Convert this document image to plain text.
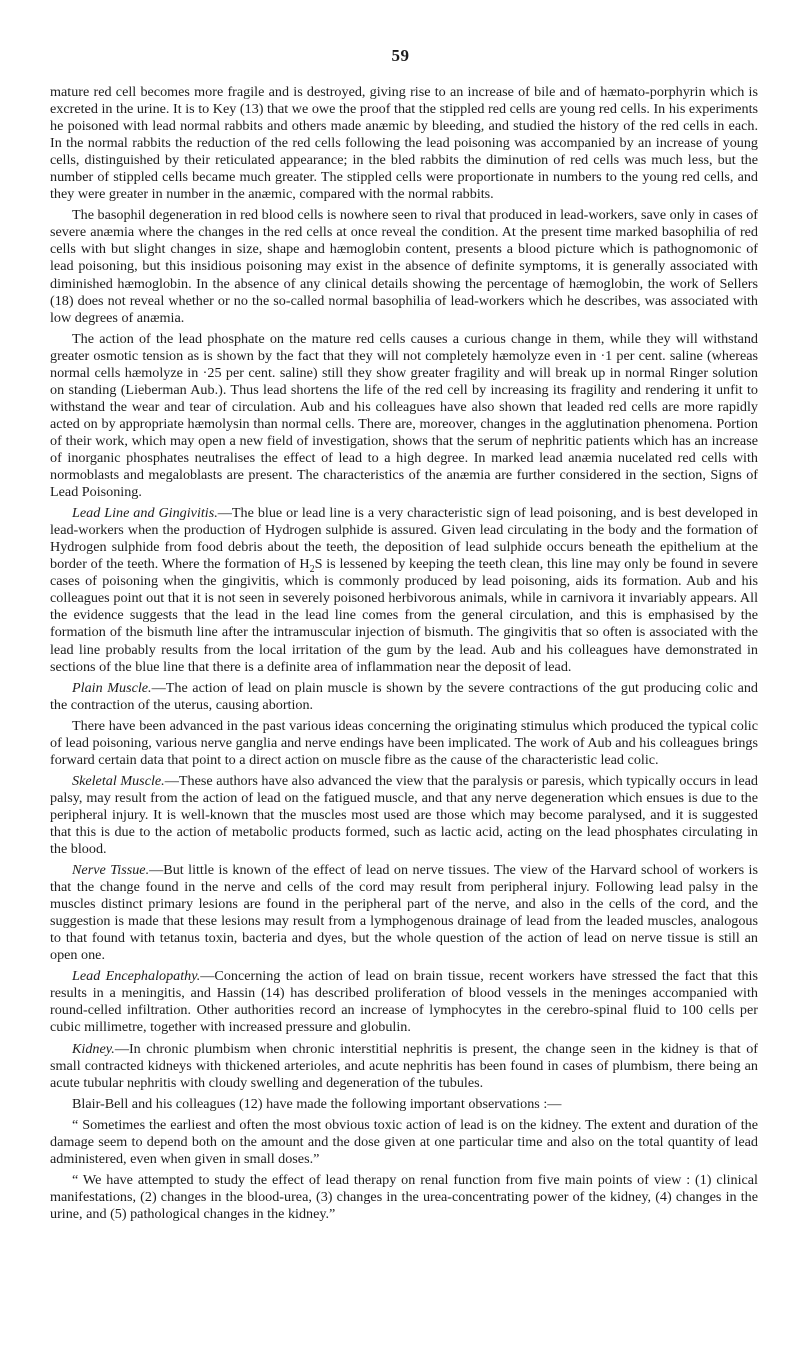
59

mature red cell becomes more fragile and is destroyed, giving rise to an increase of bile and of hæmato-porphyrin which is excreted in the urine. It is to Key (13) that we owe the proof that the stippled red cells are young red cells. In his experiments he poisoned with lead normal rabbits and others made anæmic by bleeding, and studied the history of the red cells in each. In the normal rabbits the reduction of the red cells following the lead poisoning was accompanied by an increase of young cells, distinguished by their reticulated appearance; in the bled rabbits the diminution of red cells was much less, but the number of stippled cells became much greater. The stippled cells were proportionate in numbers to the young red cells, and they were greater in number in the anæmic, compared with the normal rabbits.

The basophil degeneration in red blood cells is nowhere seen to rival that produced in lead-workers, save only in cases of severe anæmia where the changes in the red cells at once reveal the condition. At the present time marked basophilia of red cells with but slight changes in size, shape and hæmoglobin content, presents a blood picture which is pathognomonic of lead poisoning, but this insidious poisoning may exist in the absence of definite symptoms, it is generally associated with diminished hæmoglobin. In the absence of any clinical details showing the percentage of hæmoglobin, the work of Sellers (18) does not reveal whether or no the so-called normal basophilia of lead-workers which he describes, was associated with low degrees of anæmia.

The action of the lead phosphate on the mature red cells causes a curious change in them, while they will withstand greater osmotic tension as is shown by the fact that they will not completely hæmolyze even in ·1 per cent. saline (whereas normal cells hæmolyze in ·25 per cent. saline) still they show greater fragility and will break up in normal Ringer solution on standing (Lieberman Aub.). Thus lead shortens the life of the red cell by increasing its fragility and rendering it unfit to withstand the wear and tear of circulation. Aub and his colleagues have also shown that leaded red cells are more rapidly acted on by appropriate hæmolysin than normal cells. There are, moreover, changes in the agglutination phenomena. Portion of their work, which may open a new field of investigation, shows that the serum of nephritic patients which has an increase of inorganic phosphates neutralises the effect of lead to a high degree. In marked lead anæmia nucelated red cells with normoblasts and megaloblasts are present. The characteristics of the anæmia are further considered in the section, Signs of Lead Poisoning.

Lead Line and Gingivitis.—The blue or lead line is a very characteristic sign of lead poisoning, and is best developed in lead-workers when the production of Hydrogen sulphide is assured. Given lead circulating in the body and the formation of Hydrogen sulphide from food debris about the teeth, the deposition of lead sulphide occurs beneath the epithelium at the border of the teeth. Where the formation of $H_2S$ is lessened by keeping the teeth clean, this line may only be found in severe cases of poisoning when the gingivitis, which is commonly produced by lead poisoning, aids its formation. Aub and his colleagues point out that it is not seen in severely poisoned herbivorous animals, while in carnivora it invariably appears. All the evidence suggests that the lead in the lead line comes from the general circulation, and this is emphasised by the formation of the bismuth line after the intramuscular injection of bismuth. The gingivitis that so often is associated with the lead line probably results from the local irritation of the gum by the lead. Aub and his colleagues have demonstrated in sections of the blue line that there is a definite area of inflammation near the deposit of lead.

Plain Muscle.—The action of lead on plain muscle is shown by the severe contractions of the gut producing colic and the contraction of the uterus, causing abortion.

There have been advanced in the past various ideas concerning the originating stimulus which produced the typical colic of lead poisoning, various nerve ganglia and nerve endings have been implicated. The work of Aub and his colleagues brings forward certain data that point to a direct action on muscle fibre as the cause of the characteristic lead colic.

Skeletal Muscle.—These authors have also advanced the view that the paralysis or paresis, which typically occurs in lead palsy, may result from the action of lead on the fatigued muscle, and that any nerve degeneration which ensues is due to the peripheral injury. It is well-known that the muscles most used are those which may become paralysed, and it is suggested that this is due to the action of metabolic products formed, such as lactic acid, acting on the lead phosphates circulating in the blood.

Nerve Tissue.—But little is known of the effect of lead on nerve tissues. The view of the Harvard school of workers is that the change found in the nerve and cells of the cord may result from peripheral injury. Following lead palsy in the muscles distinct primary lesions are found in the peripheral part of the nerve, and also in the cells of the cord, and the suggestion is made that these lesions may result from a lymphogenous drainage of lead from the leaded muscles, analogous to that found with tetanus toxin, bacteria and dyes, but the whole question of the action of lead on nerve tissue is still an open one.

Lead Encephalopathy.—Concerning the action of lead on brain tissue, recent workers have stressed the fact that this results in a meningitis, and Hassin (14) has described proliferation of blood vessels in the meninges accompanied with round-celled infiltration. Other authorities record an increase of lymphocytes in the cerebro-spinal fluid to 100 cells per cubic millimetre, together with increased pressure and globulin.

Kidney.—In chronic plumbism when chronic interstitial nephritis is present, the change seen in the kidney is that of small contracted kidneys with thickened arterioles, and acute nephritis has been found in cases of plumbism, there being an acute tubular nephritis with cloudy swelling and degeneration of the tubules.

Blair-Bell and his colleagues (12) have made the following important observations :—

“ Sometimes the earliest and often the most obvious toxic action of lead is on the kidney. The extent and duration of the damage seem to depend both on the amount and the dose given at one particular time and also on the total quantity of lead administered, even when given in small doses.”

“ We have attempted to study the effect of lead therapy on renal function from five main points of view : (1) clinical manifestations, (2) changes in the blood-urea, (3) changes in the urea-concentrating power of the kidney, (4) changes in the urine, and (5) pathological changes in the kidney.”
